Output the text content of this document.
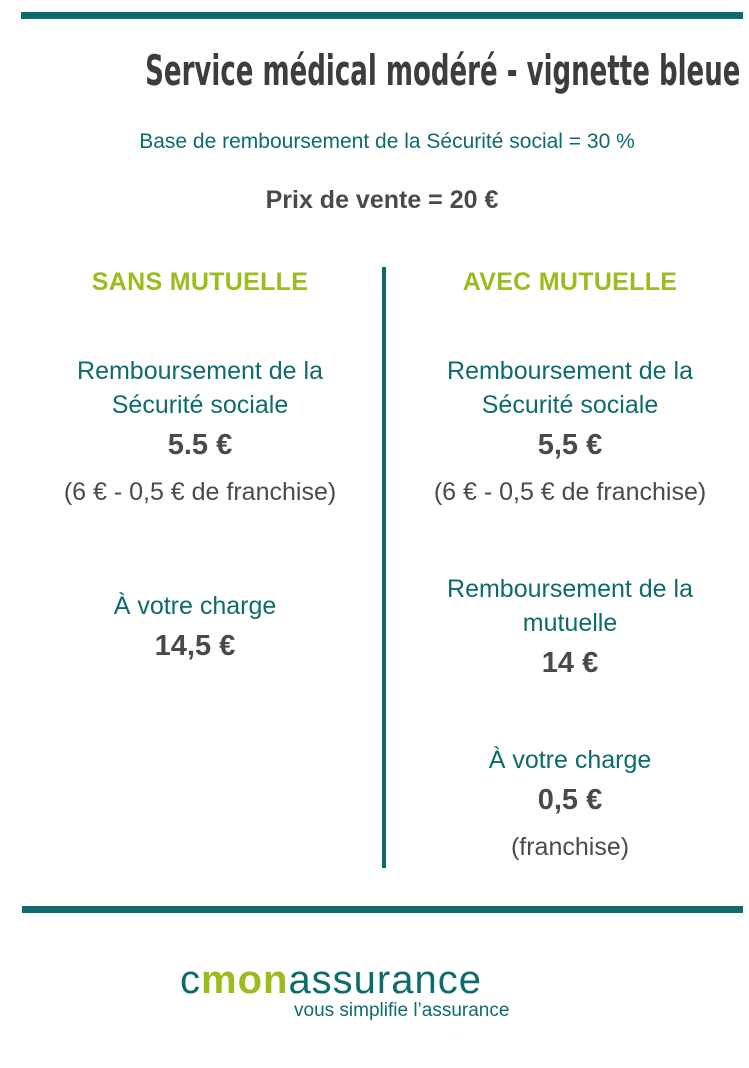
Service médical modéré - vignette bleue
Base de remboursement de la Sécurité social = 30 %
Prix de vente = 20 €
SANS MUTUELLE
Remboursement de la
Sécurité sociale
5.5 €
(6 € - 0,5 € de franchise)
À votre charge
14,5 €
AVEC MUTUELLE
Remboursement de la
Sécurité sociale
5,5 €
(6 € - 0,5 € de franchise)
Remboursement de la
mutuelle
14 €
À votre charge
0,5 €
(franchise)
cmonassurance
vous simplifie l’assurance
